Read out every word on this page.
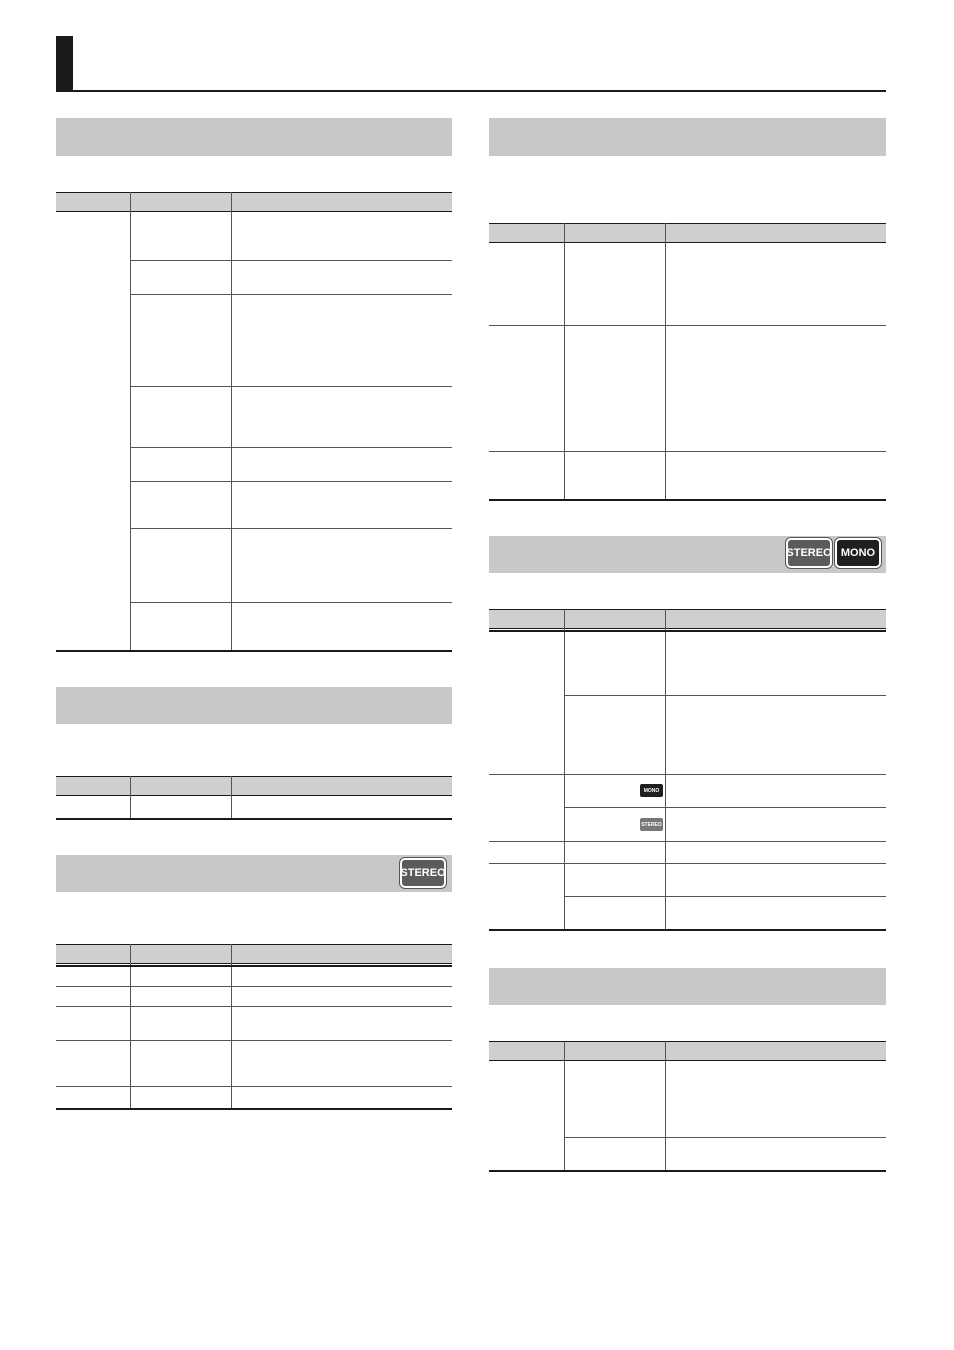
STEREO
STEREO MONO
MONO
STEREO
